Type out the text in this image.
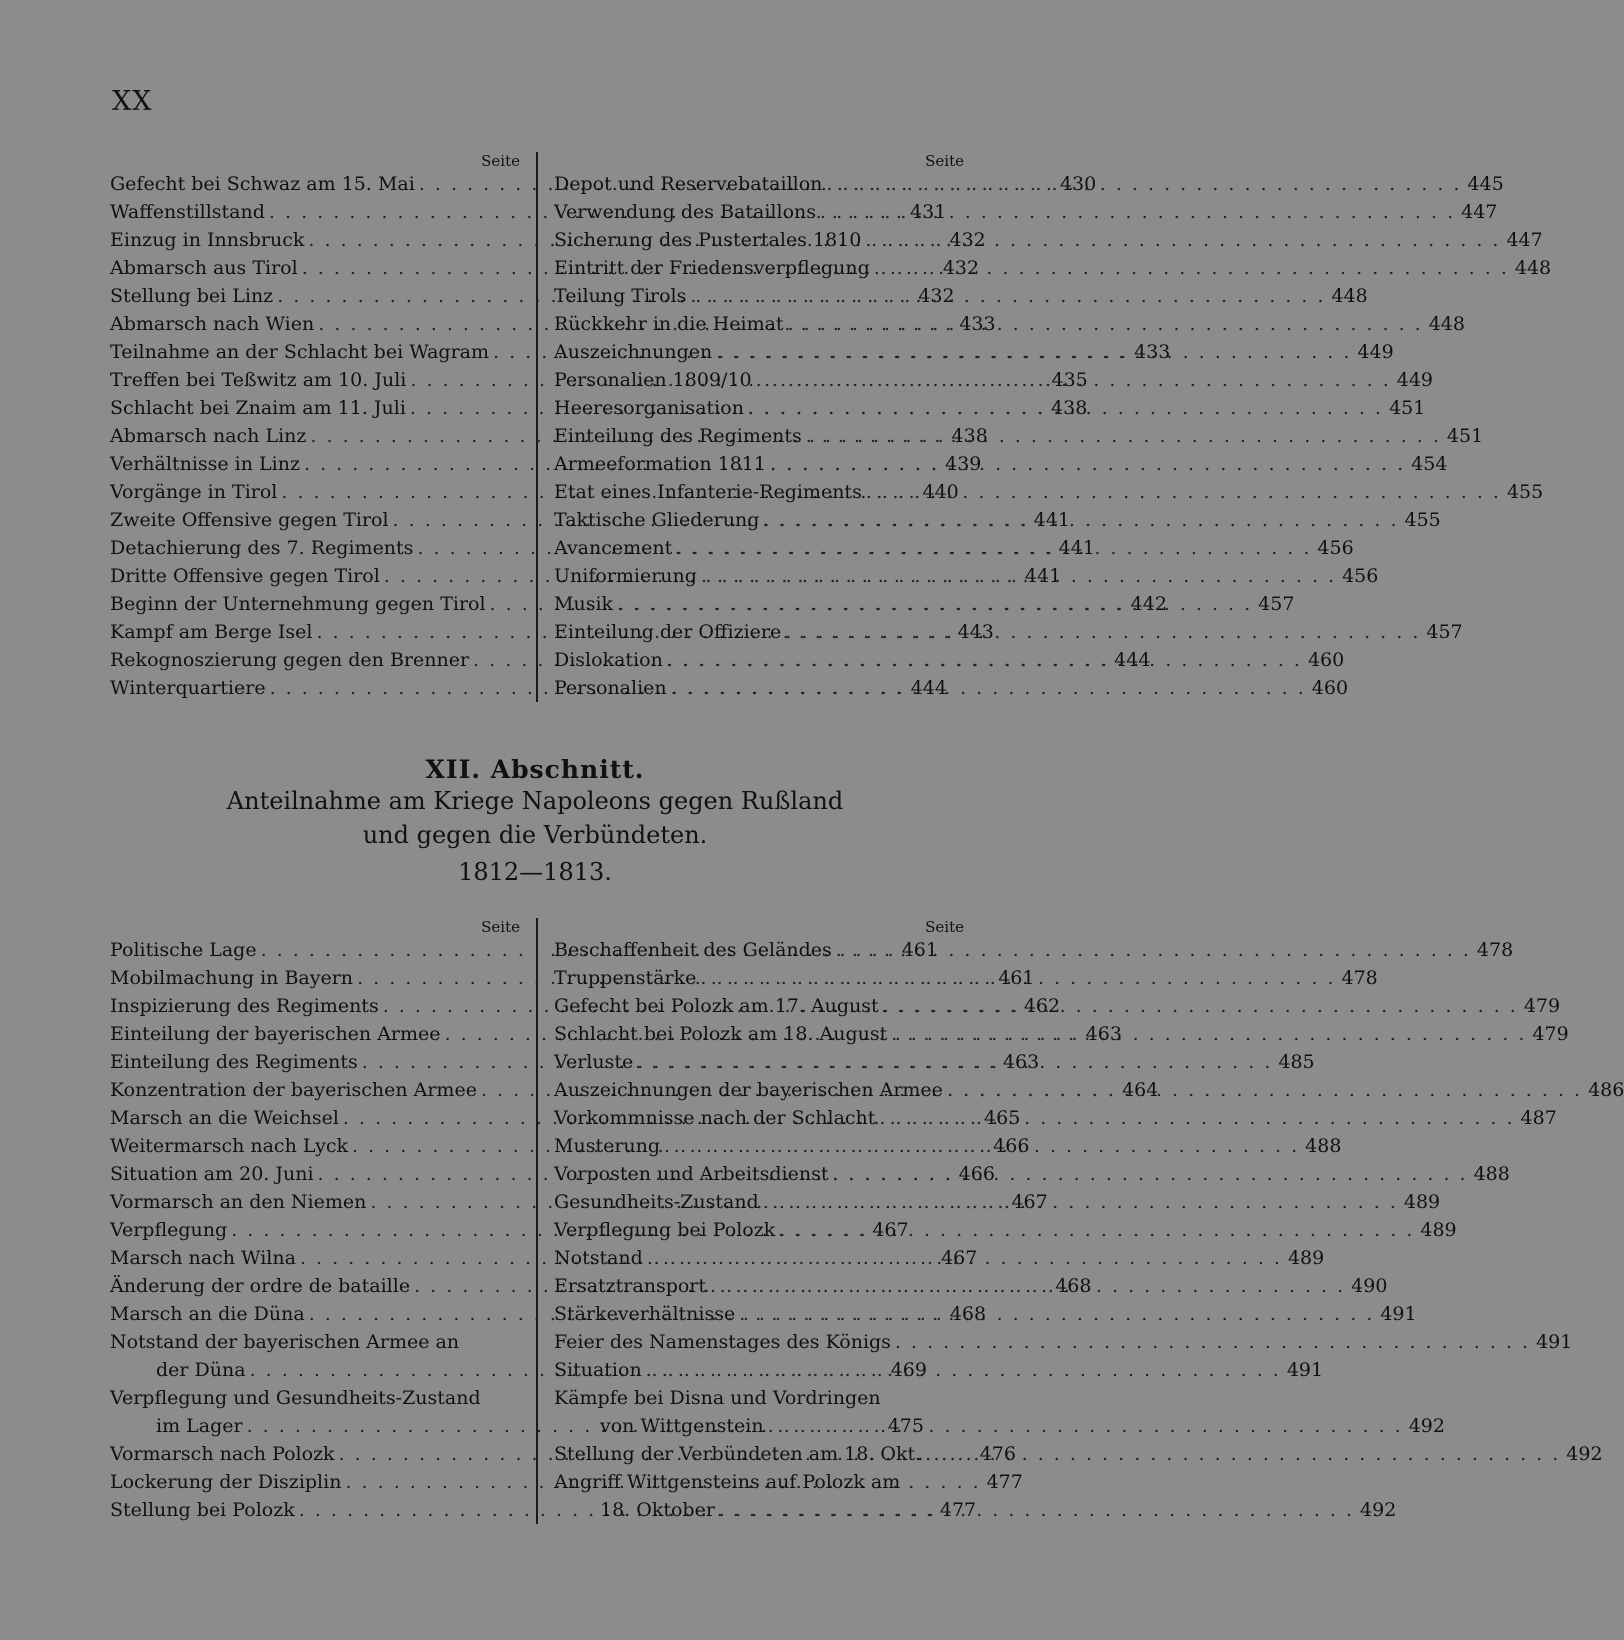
XX
Seite
Gefecht bei Schwaz am 15. Mai . . .	430
Waffenstillstand . . .	431
Einzug in Innsbruck . . .	432
Abmarsch aus Tirol . . .	432
Stellung bei Linz . . .	432
Abmarsch nach Wien . . .	433
Teilnahme an der Schlacht bei Wagram . . .	433
Treffen bei Teßwitz am 10. Juli . . .	435
Schlacht bei Znaim am 11. Juli . . .	438
Abmarsch nach Linz . . .	438
Verhältnisse in Linz . . .	439
Vorgänge in Tirol . . .	440
Zweite Offensive gegen Tirol . . .	441
Detachierung des 7. Regiments . . .	441
Dritte Offensive gegen Tirol . . .	441
Beginn der Unternehmung gegen Tirol . . .	442
Kampf am Berge Isel . . .	443
Rekognoszierung gegen den Brenner . . .	444
Winterquartiere . . .	444
Seite
Depot und Reservebataillon . . .	445
Verwendung des Bataillons . . .	447
Sicherung des Pustertales 1810 . . .	447
Eintritt der Friedensverpflegung . . .	448
Teilung Tirols . . .	448
Rückkehr in die Heimat . . .	448
Auszeichnungen . . .	449
Personalien 1809/10 . . .	449
Heeresorganisation . . .	451
Einteilung des Regiments . . .	451
Armeeformation 1811 . . .	454
Etat eines Infanterie-Regiments . . .	455
Taktische Gliederung . . .	455
Avancement . . .	456
Uniformierung . . .	456
Musik . . .	457
Einteilung der Offiziere . . .	457
Dislokation . . .	460
Personalien . . .	460
XII. Abschnitt.
Anteilnahme am Kriege Napoleons gegen Rußland
und gegen die Verbündeten.
1812—1813.
Seite
Politische Lage . . .	461
Mobilmachung in Bayern . . .	461
Inspizierung des Regiments . . .	462
Einteilung der bayerischen Armee . . .	463
Einteilung des Regiments . . .	463
Konzentration der bayerischen Armee . . .	464
Marsch an die Weichsel . . .	465
Weitermarsch nach Lyck . . .	466
Situation am 20. Juni . . .	466
Vormarsch an den Niemen . . .	467
Verpflegung . . .	467
Marsch nach Wilna . . .	467
Änderung der ordre de bataille . . .	468
Marsch an die Düna . . .	468
Notstand der bayerischen Armee an
der Düna . . .	469
Verpflegung und Gesundheits-Zustand
im Lager . . .	475
Vormarsch nach Polozk . . .	476
Lockerung der Disziplin . . .	477
Stellung bei Polozk . . .	477
Seite
Beschaffenheit des Geländes . . .	478
Truppenstärke . . .	478
Gefecht bei Polozk am 17. August . . .	479
Schlacht bei Polozk am 18. August . . .	479
Verluste . . .	485
Auszeichnungen der bayerischen Armee . . .	486
Vorkommnisse nach der Schlacht . . .	487
Musterung . . .	488
Vorposten und Arbeitsdienst . . .	488
Gesundheits-Zustand . . .	489
Verpflegung bei Polozk . . .	489
Notstand . . .	489
Ersatztransport . . .	490
Stärkeverhältnisse . . .	491
Feier des Namenstages des Königs . . .	491
Situation . . .	491
Kämpfe bei Disna und Vordringen
von Wittgenstein . . .	492
Stellung der Verbündeten am 18. Okt. . . .	492
Angriff Wittgensteins auf Polozk am
18. Oktober . . .	492
